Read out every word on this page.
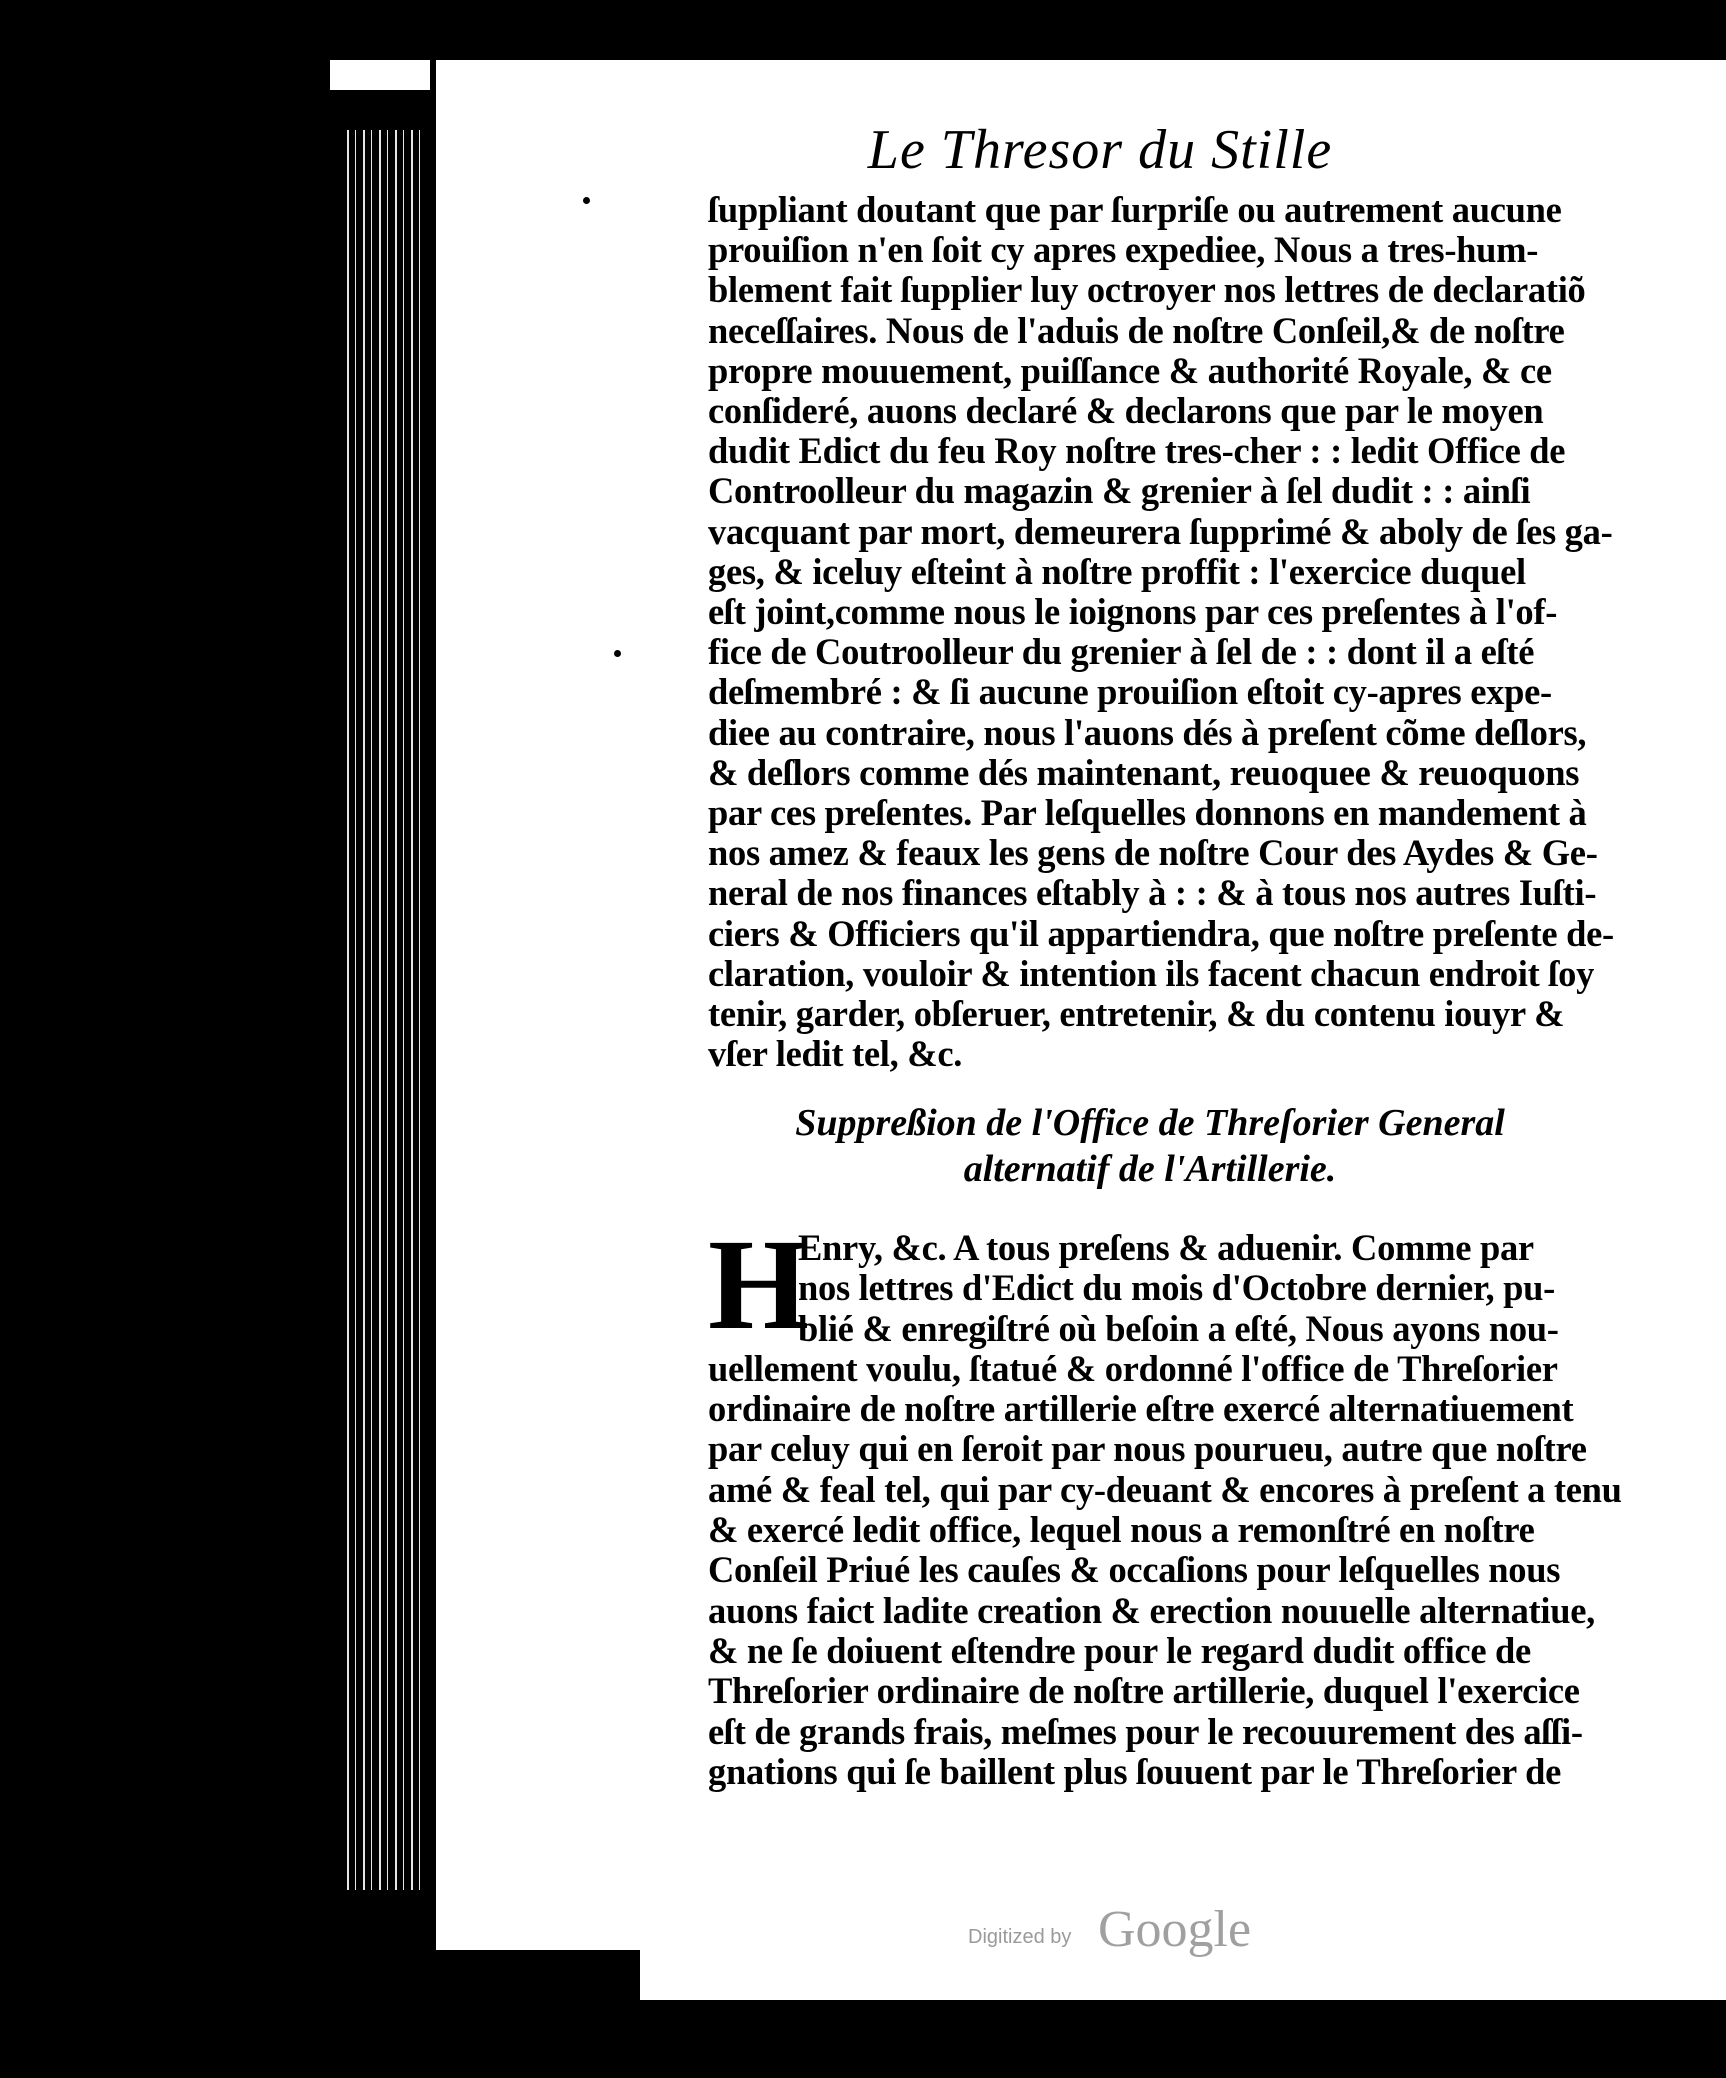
Le Thresor du Stille
ſuppliant doutant que par ſurpriſe ou autrement aucune
prouiſion n'en ſoit cy apres expediee, Nous a tres-hum-
blement fait ſupplier luy octroyer nos lettres de declaratiõ
neceſſaires. Nous de l'aduis de noſtre Conſeil,& de noſtre
propre mouuement, puiſſance & authorité Royale, & ce
conſideré, auons declaré & declarons que par le moyen
dudit Edict du feu Roy noſtre tres-cher : : ledit Office de
Controolleur du magazin & grenier à ſel dudit : : ainſi
vacquant par mort, demeurera ſupprimé & aboly de ſes ga-
ges, & iceluy eſteint à noſtre proffit : l'exercice duquel
eſt joint,comme nous le ioignons par ces preſentes à l'of-
fice de Coutroolleur du grenier à ſel de : : dont il a eſté
deſmembré : & ſi aucune prouiſion eſtoit cy-apres expe-
diee au contraire, nous l'auons dés à preſent cõme deſlors,
& deſlors comme dés maintenant, reuoquee & reuoquons
par ces preſentes. Par leſquelles donnons en mandement à
nos amez & feaux les gens de noſtre Cour des Aydes & Ge-
neral de nos finances eſtably à : : & à tous nos autres Iuſti-
ciers & Officiers qu'il appartiendra, que noſtre preſente de-
claration, vouloir & intention ils facent chacun endroit ſoy
tenir, garder, obſeruer, entretenir, & du contenu iouyr &
vſer ledit tel, &c.
Suppreßion de l'Office de Threſorier General
alternatif de l'Artillerie.
H
Enry, &c. A tous preſens & aduenir. Comme par
nos lettres d'Edict du mois d'Octobre dernier, pu-
blié & enregiſtré où beſoin a eſté, Nous ayons nou-
uellement voulu, ſtatué & ordonné l'office de Threſorier
ordinaire de noſtre artillerie eſtre exercé alternatiuement
par celuy qui en ſeroit par nous pourueu, autre que noſtre
amé & feal tel, qui par cy-deuant & encores à preſent a tenu
& exercé ledit office, lequel nous a remonſtré en noſtre
Conſeil Priué les cauſes & occaſions pour leſquelles nous
auons faict ladite creation & erection nouuelle alternatiue,
& ne ſe doiuent eſtendre pour le regard dudit office de
Threſorier ordinaire de noſtre artillerie, duquel l'exercice
eſt de grands frais, meſmes pour le recouurement des aſſi-
gnations qui ſe baillent plus ſouuent par le Threſorier de
Digitized by Google
